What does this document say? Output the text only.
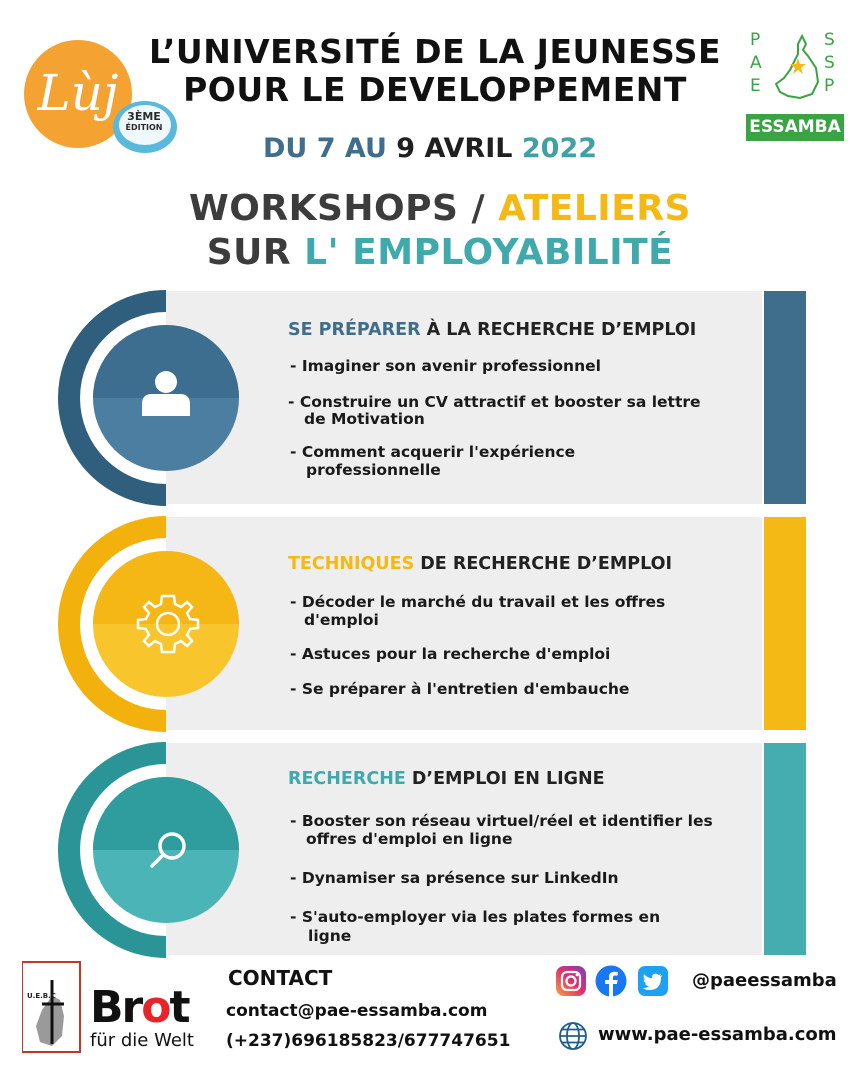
Lùj 3ÈME
ÉDITION
L’UNIVERSITÉ DE LA JEUNESSE
POUR LE DEVELOPPEMENT
DU 7 AU 9 AVRIL 2022
WORKSHOPS / ATELIERS
SUR L' EMPLOYABILITÉ
P
A
E
S
S
P
ESSAMBA
SE PRÉPARER À LA RECHERCHE D’EMPLOI
- Imaginer son avenir professionnel
- Construire un CV attractif et booster sa lettre
de Motivation
- Comment acquerir l'expérience
professionnelle
TECHNIQUES DE RECHERCHE D’EMPLOI
- Décoder le marché du travail et les offres
d'emploi
- Astuces pour la recherche d'emploi
- Se préparer à l'entretien d'embauche
RECHERCHE D’EMPLOI EN LIGNE
- Booster son réseau virtuel/réel et identifier les
offres d'emploi en ligne
- Dynamiser sa présence sur LinkedIn
- S'auto-employer via les plates formes en
ligne
U.E.B.C Brot
für die Welt
CONTACT
contact@pae-essamba.com
(+237)696185823/677747651
@paeessamba
www.pae-essamba.com
